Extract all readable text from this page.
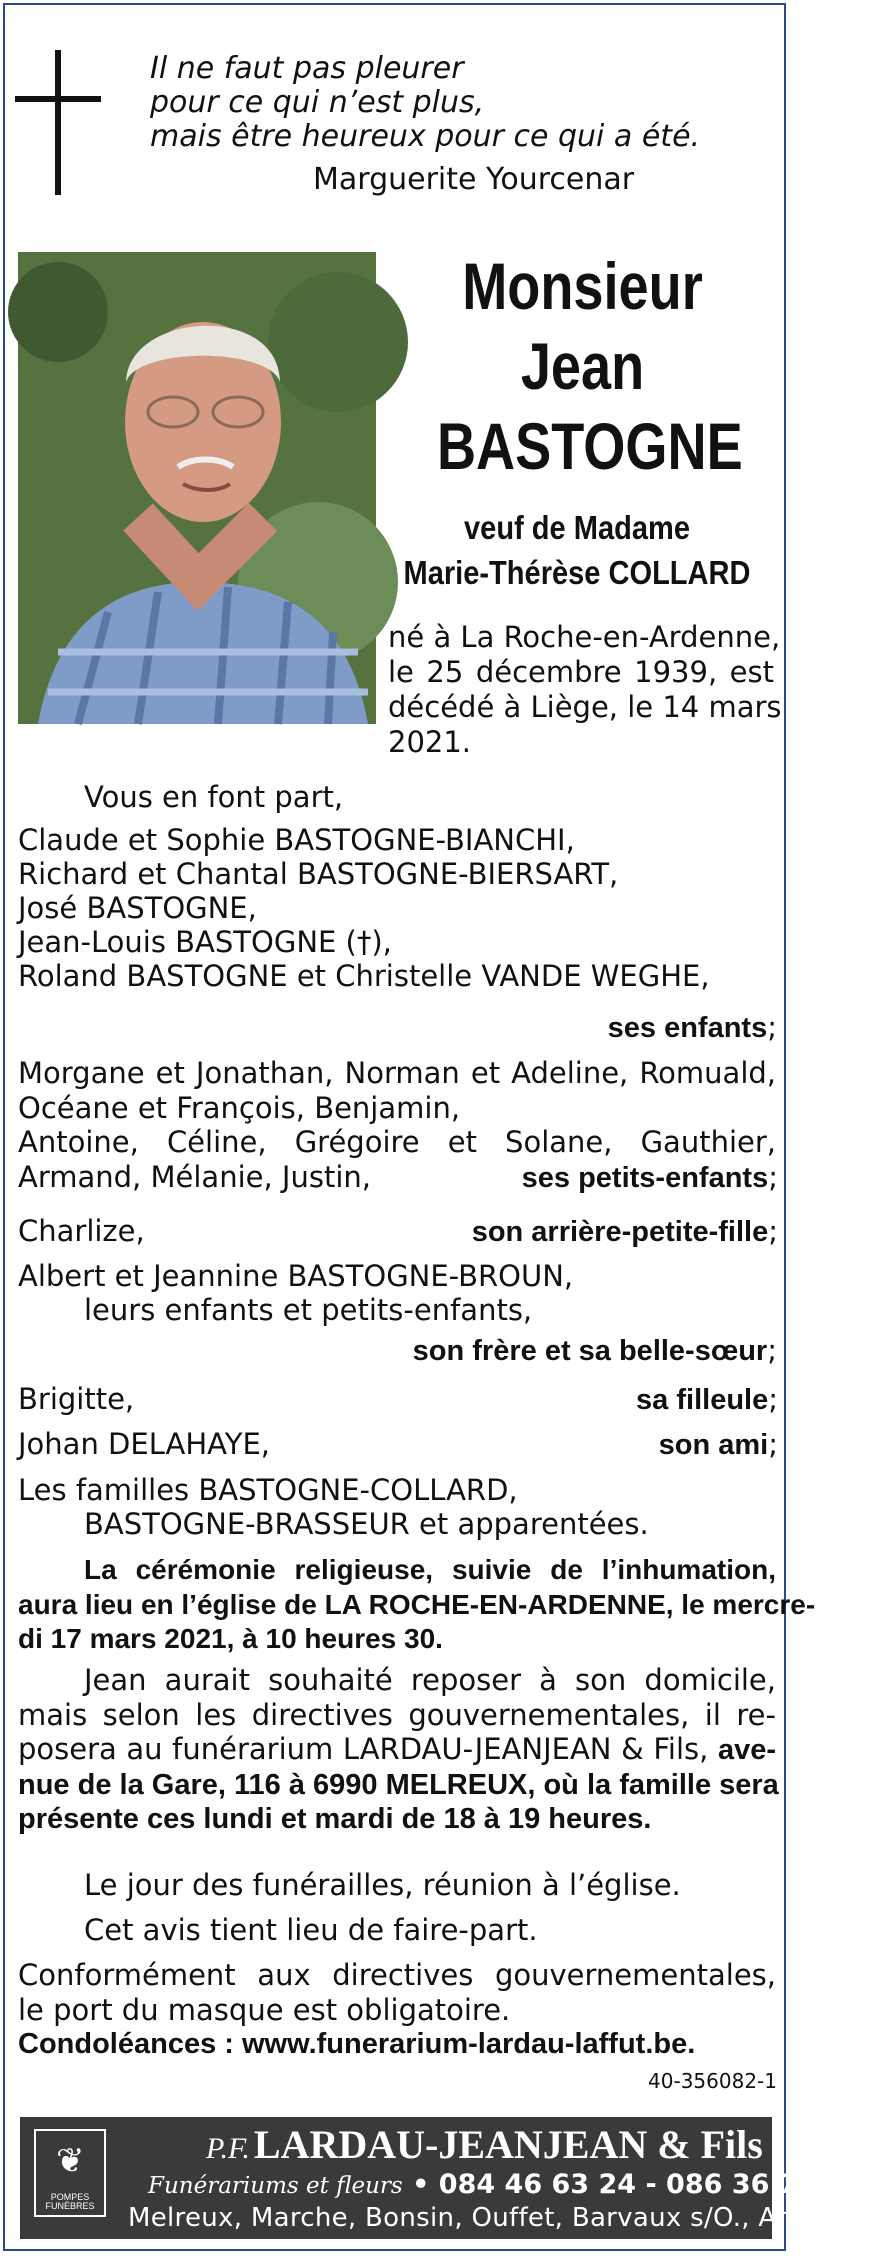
Il ne faut pas pleurer
pour ce qui n’est plus,
mais être heureux pour ce qui a été.
Marguerite Yourcenar
Monsieur
Jean
BASTOGNE
veuf de Madame
Marie-Thérèse COLLARD
né à La Roche-en-Ardenne,
le 25 décembre 1939, est
décédé à Liège, le 14 mars
2021.
Vous en font part,
Claude et Sophie BASTOGNE-BIANCHI,
Richard et Chantal BASTOGNE-BIERSART,
José BASTOGNE,
Jean-Louis BASTOGNE (†),
Roland BASTOGNE et Christelle VANDE WEGHE,
ses enfants;
Morgane et Jonathan, Norman et Adeline, Romuald,
Océane et François, Benjamin,
Antoine, Céline, Grégoire et Solane, Gauthier,
Armand, Mélanie, Justin,	ses petits-enfants;
Charlize,	son arrière-petite-fille;
Albert et Jeannine BASTOGNE-BROUN,
leurs enfants et petits-enfants,
son frère et sa belle-sœur;
Brigitte,	sa filleule;
Johan DELAHAYE,	son ami;
Les familles BASTOGNE-COLLARD,
BASTOGNE-BRASSEUR et apparentées.
La cérémonie religieuse, suivie de l’inhumation,
aura lieu en l’église de LA ROCHE-EN-ARDENNE, le mercre-
di 17 mars 2021, à 10 heures 30.
Jean aurait souhaité reposer à son domicile,
mais selon les directives gouvernementales, il re-
posera au funérarium LARDAU-JEANJEAN & Fils, ave-
nue de la Gare, 116 à 6990 MELREUX, où la famille sera
présente ces lundi et mardi de 18 à 19 heures.
Le jour des funérailles, réunion à l’église.
Cet avis tient lieu de faire-part.
Conformément aux directives gouvernementales,
le port du masque est obligatoire.
Condoléances : www.funerarium-lardau-laffut.be.
40-356082-1
❦
POMPES
FUNÈBRES
P.F. LARDAU-JEANJEAN & Fils
Funérariums et fleurs • 084 46 63 24 - 086 36 75 82
Melreux, Marche, Bonsin, Ouffet, Barvaux s/O., Anthisnes
